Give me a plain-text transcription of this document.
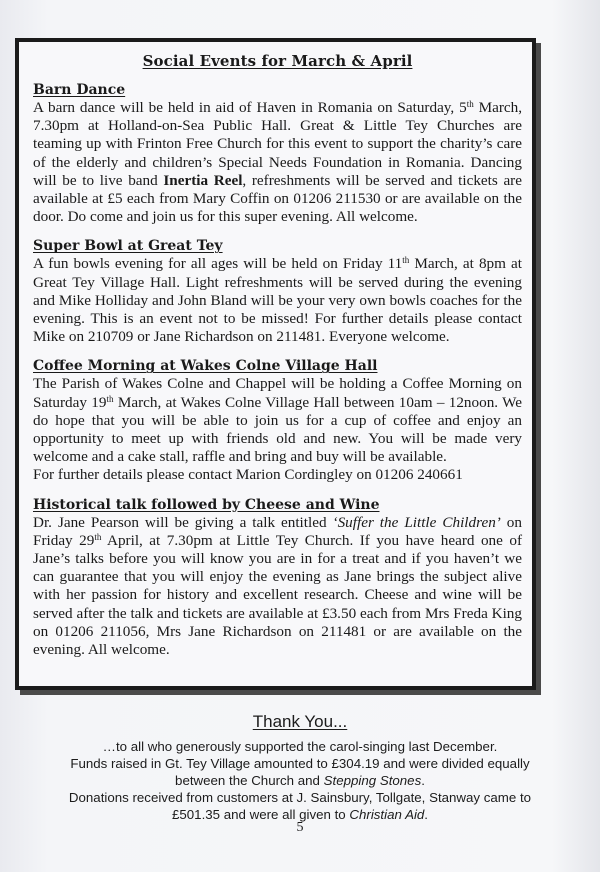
Social Events for March & April
Barn Dance

A barn dance will be held in aid of Haven in Romania on Saturday, 5th March, 7.30pm at Holland-on-Sea Public Hall. Great & Little Tey Churches are teaming up with Frinton Free Church for this event to support the charity’s care of the elderly and children’s Special Needs Foundation in Romania. Dancing will be to live band Inertia Reel, refreshments will be served and tickets are available at £5 each from Mary Coffin on 01206 211530 or are available on the door. Do come and join us for this super evening. All welcome.

Super Bowl at Great Tey

A fun bowls evening for all ages will be held on Friday 11th March, at 8pm at Great Tey Village Hall. Light refreshments will be served during the evening and Mike Holliday and John Bland will be your very own bowls coaches for the evening. This is an event not to be missed! For further details please contact Mike on 210709 or Jane Richardson on 211481. Everyone welcome.

Coffee Morning at Wakes Colne Village Hall

The Parish of Wakes Colne and Chappel will be holding a Coffee Morning on Saturday 19th March, at Wakes Colne Village Hall between 10am – 12noon. We do hope that you will be able to join us for a cup of coffee and enjoy an opportunity to meet up with friends old and new. You will be made very welcome and a cake stall, raffle and bring and buy will be available.

For further details please contact Marion Cordingley on 01206 240661

Historical talk followed by Cheese and Wine

Dr. Jane Pearson will be giving a talk entitled ‘Suffer the Little Children’ on Friday 29th April, at 7.30pm at Little Tey Church. If you have heard one of Jane’s talks before you will know you are in for a treat and if you haven’t we can guarantee that you will enjoy the evening as Jane brings the subject alive with her passion for history and excellent research. Cheese and wine will be served after the talk and tickets are available at £3.50 each from Mrs Freda King on 01206 211056, Mrs Jane Richardson on 211481 or are available on the evening. All welcome.

Thank You...
…to all who generously supported the carol-singing last December.
Funds raised in Gt. Tey Village amounted to £304.19 and were divided equally
between the Church and Stepping Stones.
Donations received from customers at J. Sainsbury, Tollgate, Stanway came to
£501.35 and were all given to Christian Aid.
5
